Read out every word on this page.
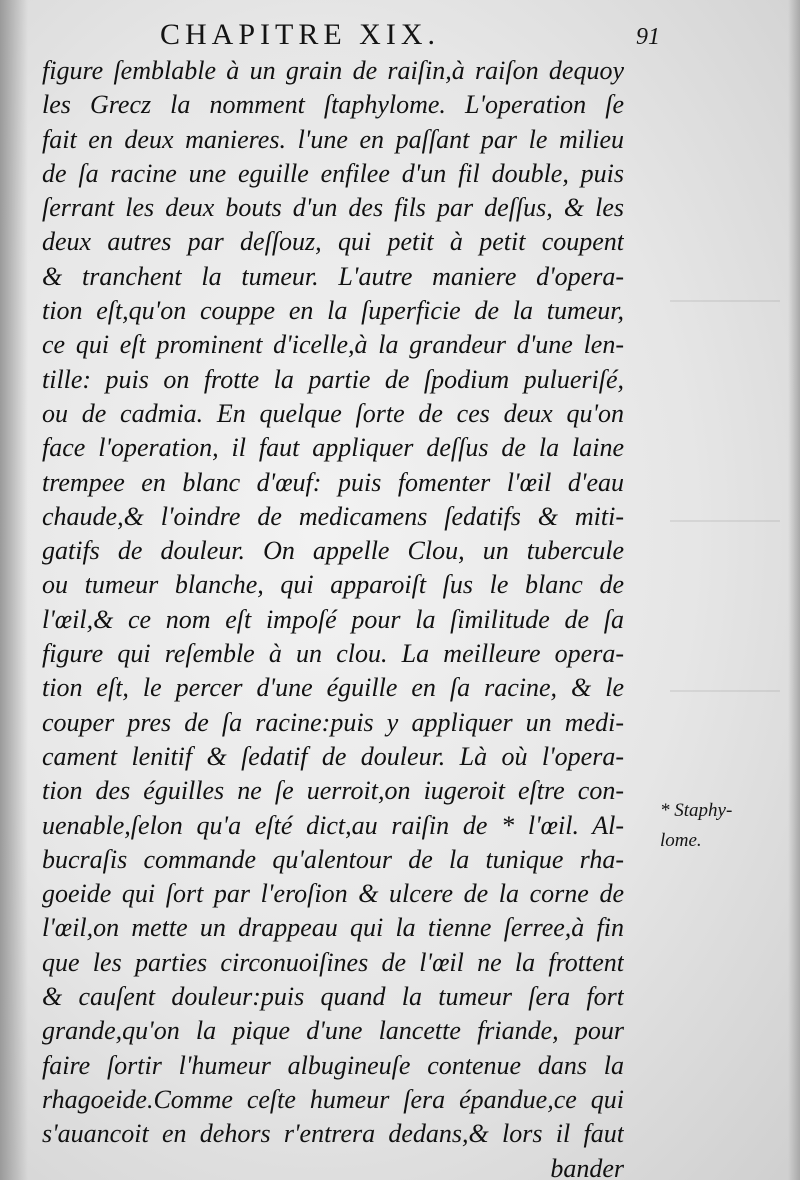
CHAPITRE XIX.	91
figure ſemblable à un grain de raiſin,à raiſon dequoy
les Grecz la nomment ſtaphylome. L'operation ſe
fait en deux manieres. l'une en paſſant par le milieu
de ſa racine une eguille enfilee d'un fil double, puis
ſerrant les deux bouts d'un des fils par deſſus, & les
deux autres par deſſouz, qui petit à petit coupent
& tranchent la tumeur. L'autre maniere d'opera-
tion eſt,qu'on couppe en la ſuperficie de la tumeur,
ce qui eſt prominent d'icelle,à la grandeur d'une len-
tille: puis on frotte la partie de ſpodium pulueriſé,
ou de cadmia. En quelque ſorte de ces deux qu'on
face l'operation, il faut appliquer deſſus de la laine
trempee en blanc d'œuf: puis fomenter l'œil d'eau
chaude,& l'oindre de medicamens ſedatifs & miti-
gatifs de douleur. On appelle Clou, un tubercule
ou tumeur blanche, qui apparoiſt ſus le blanc de
l'œil,& ce nom eſt impoſé pour la ſimilitude de ſa
figure qui reſemble à un clou. La meilleure opera-
tion eſt, le percer d'une éguille en ſa racine, & le
couper pres de ſa racine:puis y appliquer un medi-
cament lenitif & ſedatif de douleur. Là où l'opera-
tion des éguilles ne ſe uerroit,on iugeroit eſtre con-
uenable,ſelon qu'a eſté dict,au raiſin de * l'œil. Al-
bucraſis commande qu'alentour de la tunique rha-
goeide qui ſort par l'eroſion & ulcere de la corne de
l'œil,on mette un drappeau qui la tienne ſerree,à fin
que les parties circonuoiſines de l'œil ne la frottent
& cauſent douleur:puis quand la tumeur ſera fort
grande,qu'on la pique d'une lancette friande, pour
faire ſortir l'humeur albugineuſe contenue dans la
rhagoeide.Comme ceſte humeur ſera épandue,ce qui
s'auancoit en dehors r'entrera dedans,& lors il faut
bander
* Staphy-
lome.
